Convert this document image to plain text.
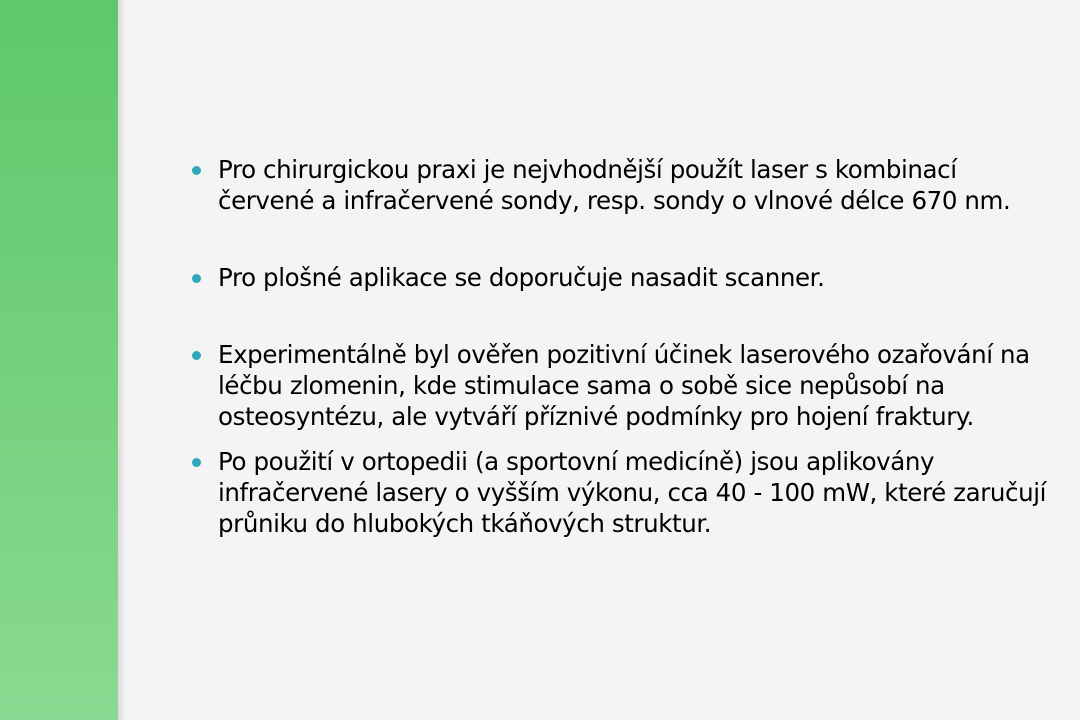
Pro chirurgickou praxi je nejvhodnější použít laser s kombinací červené a infračervené sondy, resp. sondy o vlnové délce 670 nm.
Pro plošné aplikace se doporučuje nasadit scanner.
Experimentálně byl ověřen pozitivní účinek laserového ozařování na léčbu zlomenin, kde stimulace sama o sobě sice nepůsobí na osteosyntézu, ale vytváří příznivé podmínky pro hojení fraktury.
Po použití v ortopedii (a sportovní medicíně) jsou aplikovány infračervené lasery o vyšším výkonu, cca 40 - 100 mW, které zaručují průniku do hlubokých tkáňových struktur.
